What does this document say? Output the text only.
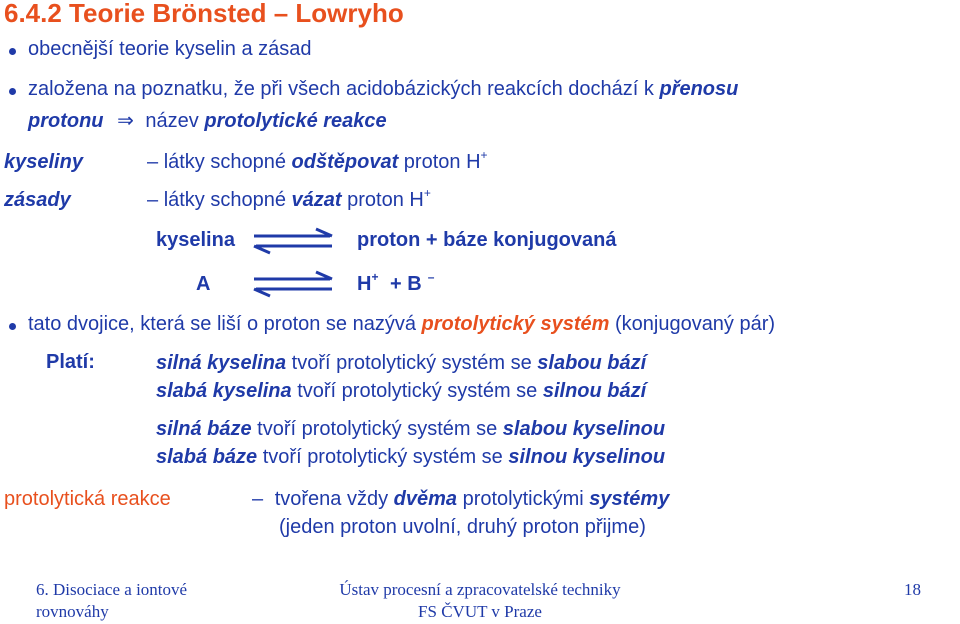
6.4.2 Teorie Brönsted – Lowryho
obecnější teorie kyselin a zásad
založena na poznatku, že při všech acidobázických reakcích dochází k přenosu
protonu ⇒ název protolytické reakce
kyseliny	– látky schopné odštěpovat proton H+
zásady	– látky schopné vázat proton H+
kyselina	proton + báze konjugovaná
A	H+ + B –
tato dvojice, která se liší o proton se nazývá protolytický systém (konjugovaný pár)
Platí:	silná kyselina tvoří protolytický systém se slabou bází
slabá kyselina tvoří protolytický systém se silnou bází
silná báze tvoří protolytický systém se slabou kyselinou
slabá báze tvoří protolytický systém se silnou kyselinou
protolytická reakce	– tvořena vždy dvěma protolytickými systémy
(jeden proton uvolní, druhý proton přijme)
6. Disociace a iontové
rovnováhy
Ústav procesní a zpracovatelské techniky
FS ČVUT v Praze
18
